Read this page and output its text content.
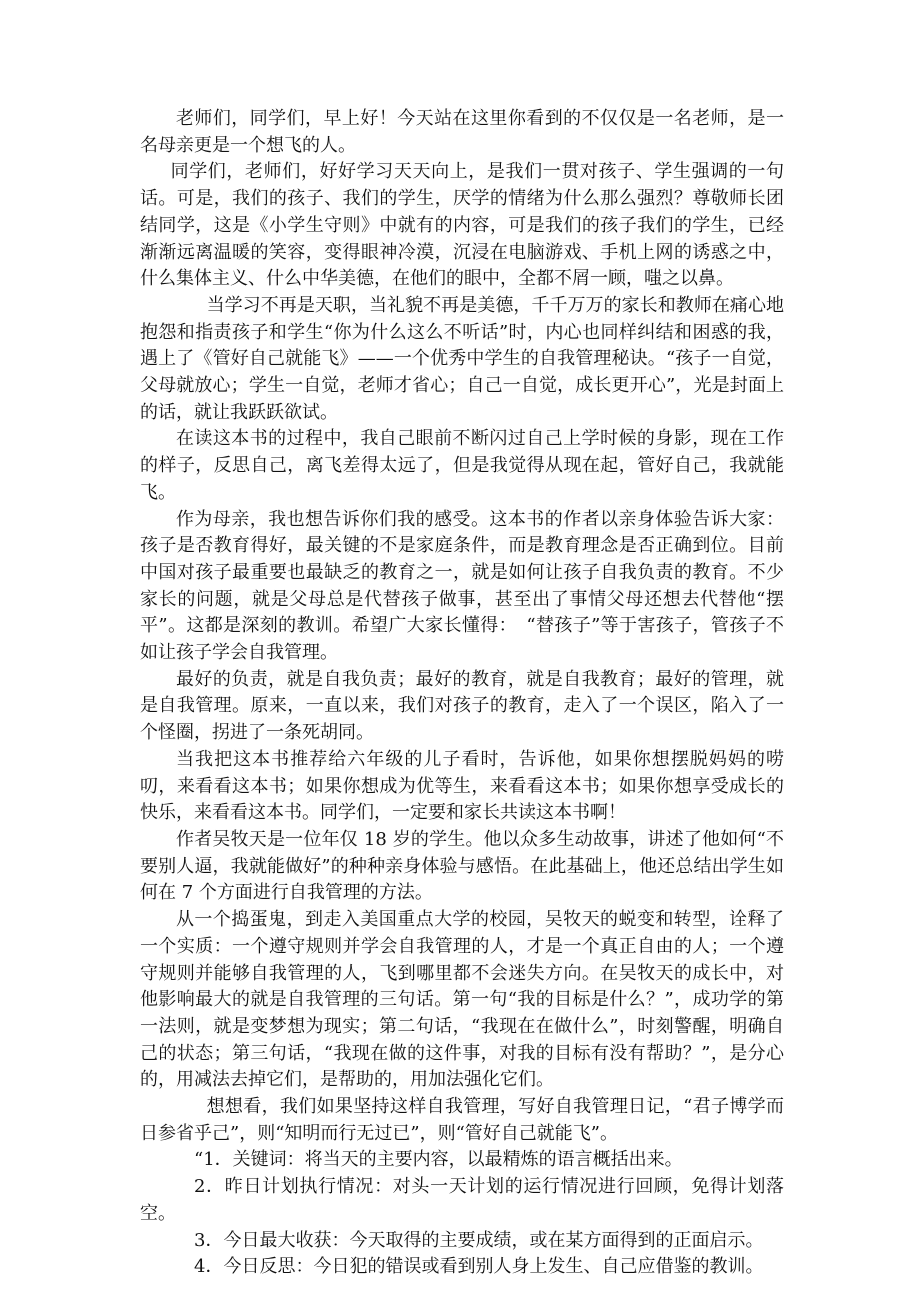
老师们，同学们，早上好！今天站在这里你看到的不仅仅是一名老师，是一名母亲更是一个想飞的人。

同学们，老师们，好好学习天天向上，是我们一贯对孩子、学生强调的一句话。可是，我们的孩子、我们的学生，厌学的情绪为什么那么强烈？尊敬师长团结同学，这是《小学生守则》中就有的内容，可是我们的孩子我们的学生，已经渐渐远离温暖的笑容，变得眼神冷漠，沉浸在电脑游戏、手机上网的诱惑之中，什么集体主义、什么中华美德，在他们的眼中，全都不屑一顾，嗤之以鼻。

当学习不再是天职，当礼貌不再是美德，千千万万的家长和教师在痛心地抱怨和指责孩子和学生“你为什么这么不听话”时，内心也同样纠结和困惑的我，遇上了《管好自己就能飞》——一个优秀中学生的自我管理秘诀。“孩子一自觉，父母就放心；学生一自觉，老师才省心；自己一自觉，成长更开心”，光是封面上的话，就让我跃跃欲试。

在读这本书的过程中，我自己眼前不断闪过自己上学时候的身影，现在工作的样子，反思自己，离飞差得太远了，但是我觉得从现在起，管好自己，我就能飞。

作为母亲，我也想告诉你们我的感受。这本书的作者以亲身体验告诉大家：孩子是否教育得好，最关键的不是家庭条件，而是教育理念是否正确到位。目前中国对孩子最重要也最缺乏的教育之一，就是如何让孩子自我负责的教育。不少家长的问题，就是父母总是代替孩子做事，甚至出了事情父母还想去代替他“摆平”。这都是深刻的教训。希望广大家长懂得：　“替孩子”等于害孩子，管孩子不如让孩子学会自我管理。

最好的负责，就是自我负责；最好的教育，就是自我教育；最好的管理，就是自我管理。原来，一直以来，我们对孩子的教育，走入了一个误区，陷入了一个怪圈，拐进了一条死胡同。

当我把这本书推荐给六年级的儿子看时，告诉他，如果你想摆脱妈妈的唠叨，来看看这本书；如果你想成为优等生，来看看这本书；如果你想享受成长的快乐，来看看这本书。同学们，一定要和家长共读这本书啊！

作者吴牧天是一位年仅 18 岁的学生。他以众多生动故事，讲述了他如何“不要别人逼，我就能做好”的种种亲身体验与感悟。在此基础上，他还总结出学生如何在 7 个方面进行自我管理的方法。

从一个捣蛋鬼，到走入美国重点大学的校园，吴牧天的蜕变和转型，诠释了一个实质：一个遵守规则并学会自我管理的人，才是一个真正自由的人；一个遵守规则并能够自我管理的人，飞到哪里都不会迷失方向。在吴牧天的成长中，对他影响最大的就是自我管理的三句话。第一句“我的目标是什么？”，成功学的第一法则，就是变梦想为现实；第二句话，“我现在在做什么”，时刻警醒，明确自己的状态；第三句话，“我现在做的这件事，对我的目标有没有帮助？”，是分心的，用减法去掉它们，是帮助的，用加法强化它们。

想想看，我们如果坚持这样自我管理，写好自我管理日记，“君子博学而日参省乎己”，则“知明而行无过已”，则“管好自己就能飞”。

“1．关键词：将当天的主要内容，以最精炼的语言概括出来。

2．昨日计划执行情况：对头一天计划的运行情况进行回顾，免得计划落空。

3．今日最大收获：今天取得的主要成绩，或在某方面得到的正面启示。

4．今日反思：今日犯的错误或看到别人身上发生、自己应借鉴的教训。
